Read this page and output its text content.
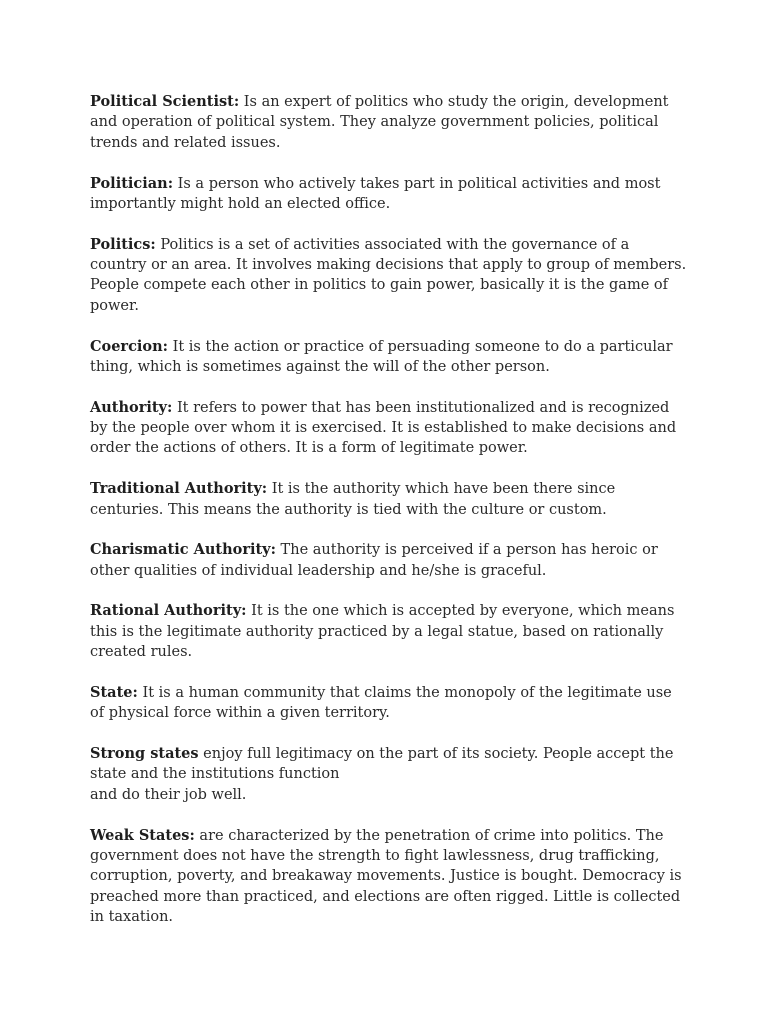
Political Scientist: Is an expert of politics who study the origin, development and operation of political system. They analyze government policies, political trends and related issues.

Politician: Is a person who actively takes part in political activities and most importantly might hold an elected office.

Politics: Politics is a set of activities associated with the governance of a country or an area. It involves making decisions that apply to group of members. People compete each other in politics to gain power, basically it is the game of power.

Coercion: It is the action or practice of persuading someone to do a particular thing, which is sometimes against the will of the other person.

Authority: It refers to power that has been institutionalized and is recognized by the people over whom it is exercised. It is established to make decisions and order the actions of others. It is a form of legitimate power.

Traditional Authority: It is the authority which have been there since centuries. This means the authority is tied with the culture or custom.

Charismatic Authority: The authority is perceived if a person has heroic or other qualities of individual leadership and he/she is graceful.

Rational Authority: It is the one which is accepted by everyone, which means this is the legitimate authority practiced by a legal statue, based on rationally created rules.

State: It is a human community that claims the monopoly of the legitimate use of physical force within a given territory.

Strong states enjoy full legitimacy on the part of its society. People accept the state and the institutions function
and do their job well.

Weak States: are characterized by the penetration of crime into politics. The government does not have the strength to fight lawlessness, drug trafficking, corruption, poverty, and breakaway movements. Justice is bought. Democracy is preached more than practiced, and elections are often rigged. Little is collected in taxation.
